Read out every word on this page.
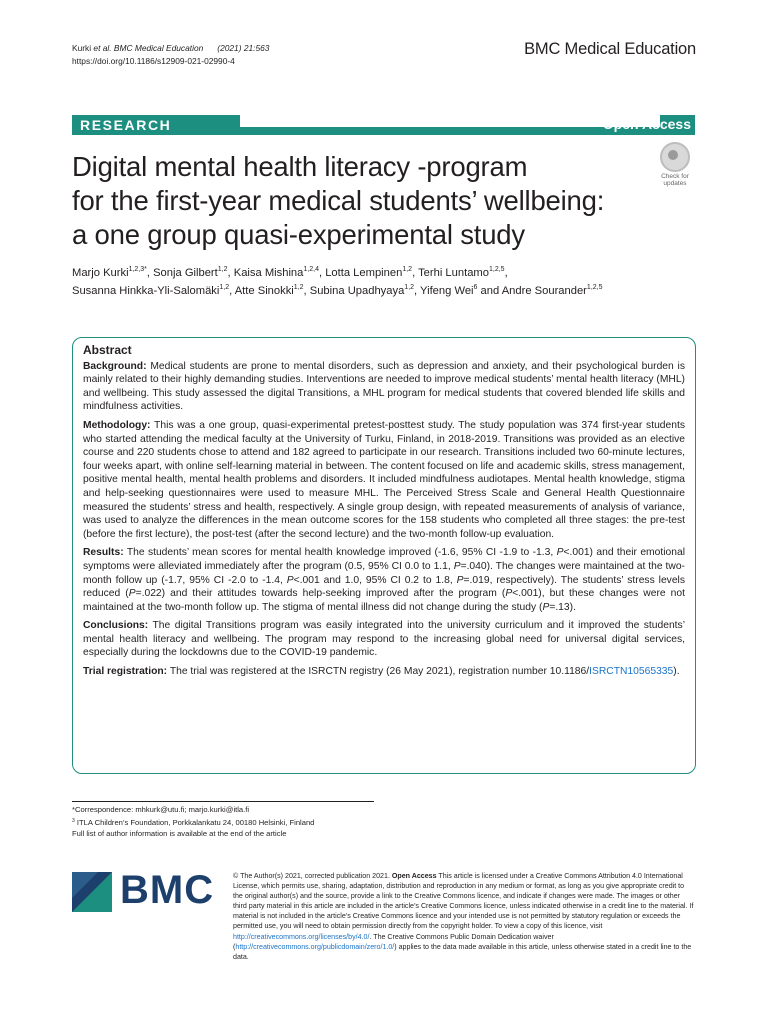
Kurki et al. BMC Medical Education (2021) 21:563
https://doi.org/10.1186/s12909-021-02990-4
BMC Medical Education
RESEARCH	Open Access
Digital mental health literacy -program
for the first-year medical students’ wellbeing:
a one group quasi-experimental study
Check for
updates
Marjo Kurki$^{1,2,3*}$, Sonja Gilbert$^{1,2}$, Kaisa Mishina$^{1,2,4}$, Lotta Lempinen$^{1,2}$, Terhi Luntamo$^{1,2,5}$,
Susanna Hinkka-Yli-Salomäki$^{1,2}$, Atte Sinokki$^{1,2}$, Subina Upadhyaya$^{1,2}$, Yifeng Wei$^6$ and Andre Sourander$^{1,2,5}$
Abstract

Background: Medical students are prone to mental disorders, such as depression and anxiety, and their psychological burden is mainly related to their highly demanding studies. Interventions are needed to improve medical students’ mental health literacy (MHL) and wellbeing. This study assessed the digital Transitions, a MHL program for medical students that covered blended life skills and mindfulness activities.

Methodology: This was a one group, quasi-experimental pretest-posttest study. The study population was 374 first-year students who started attending the medical faculty at the University of Turku, Finland, in 2018-2019. Transitions was provided as an elective course and 220 students chose to attend and 182 agreed to participate in our research. Transitions included two 60-minute lectures, four weeks apart, with online self-learning material in between. The content focused on life and academic skills, stress management, positive mental health, mental health problems and disorders. It included mindfulness audiotapes. Mental health knowledge, stigma and help-seeking questionnaires were used to measure MHL. The Perceived Stress Scale and General Health Questionnaire measured the students’ stress and health, respectively. A single group design, with repeated measurements of analysis of variance, was used to analyze the differences in the mean outcome scores for the 158 students who completed all three stages: the pre-test (before the first lecture), the post-test (after the second lecture) and the two-month follow-up evaluation.

Results: The students’ mean scores for mental health knowledge improved (-1.6, 95% CI -1.9 to -1.3, P<.001) and their emotional symptoms were alleviated immediately after the program (0.5, 95% CI 0.0 to 1.1, P=.040). The changes were maintained at the two-month follow up (-1.7, 95% CI -2.0 to -1.4, P<.001 and 1.0, 95% CI 0.2 to 1.8, P=.019, respectively). The students’ stress levels reduced (P=.022) and their attitudes towards help-seeking improved after the program (P<.001), but these changes were not maintained at the two-month follow up. The stigma of mental illness did not change during the study (P=.13).

Conclusions: The digital Transitions program was easily integrated into the university curriculum and it improved the students’ mental health literacy and wellbeing. The program may respond to the increasing global need for universal digital services, especially during the lockdowns due to the COVID-19 pandemic.

Trial registration: The trial was registered at the ISRCTN registry (26 May 2021), registration number 10.1186/ISRCTN10565335).

*Correspondence: mhkurk@utu.fi; marjo.kurki@itla.fi
$^3$ ITLA Children’s Foundation, Porkkalankatu 24, 00180 Helsinki, Finland
Full list of author information is available at the end of the article
BMC	© The Author(s) 2021, corrected publication 2021. Open Access This article is licensed under a Creative Commons Attribution 4.0 International License, which permits use, sharing, adaptation, distribution and reproduction in any medium or format, as long as you give appropriate credit to the original author(s) and the source, provide a link to the Creative Commons licence, and indicate if changes were made. The images or other third party material in this article are included in the article’s Creative Commons licence, unless indicated otherwise in a credit line to the material. If material is not included in the article’s Creative Commons licence and your intended use is not permitted by statutory regulation or exceeds the permitted use, you will need to obtain permission directly from the copyright holder. To view a copy of this licence, visit http://creativecommons.org/licenses/by/4.0/. The Creative Commons Public Domain Dedication waiver (http://creativecommons.org/publicdomain/zero/1.0/) applies to the data made available in this article, unless otherwise stated in a credit line to the data.
